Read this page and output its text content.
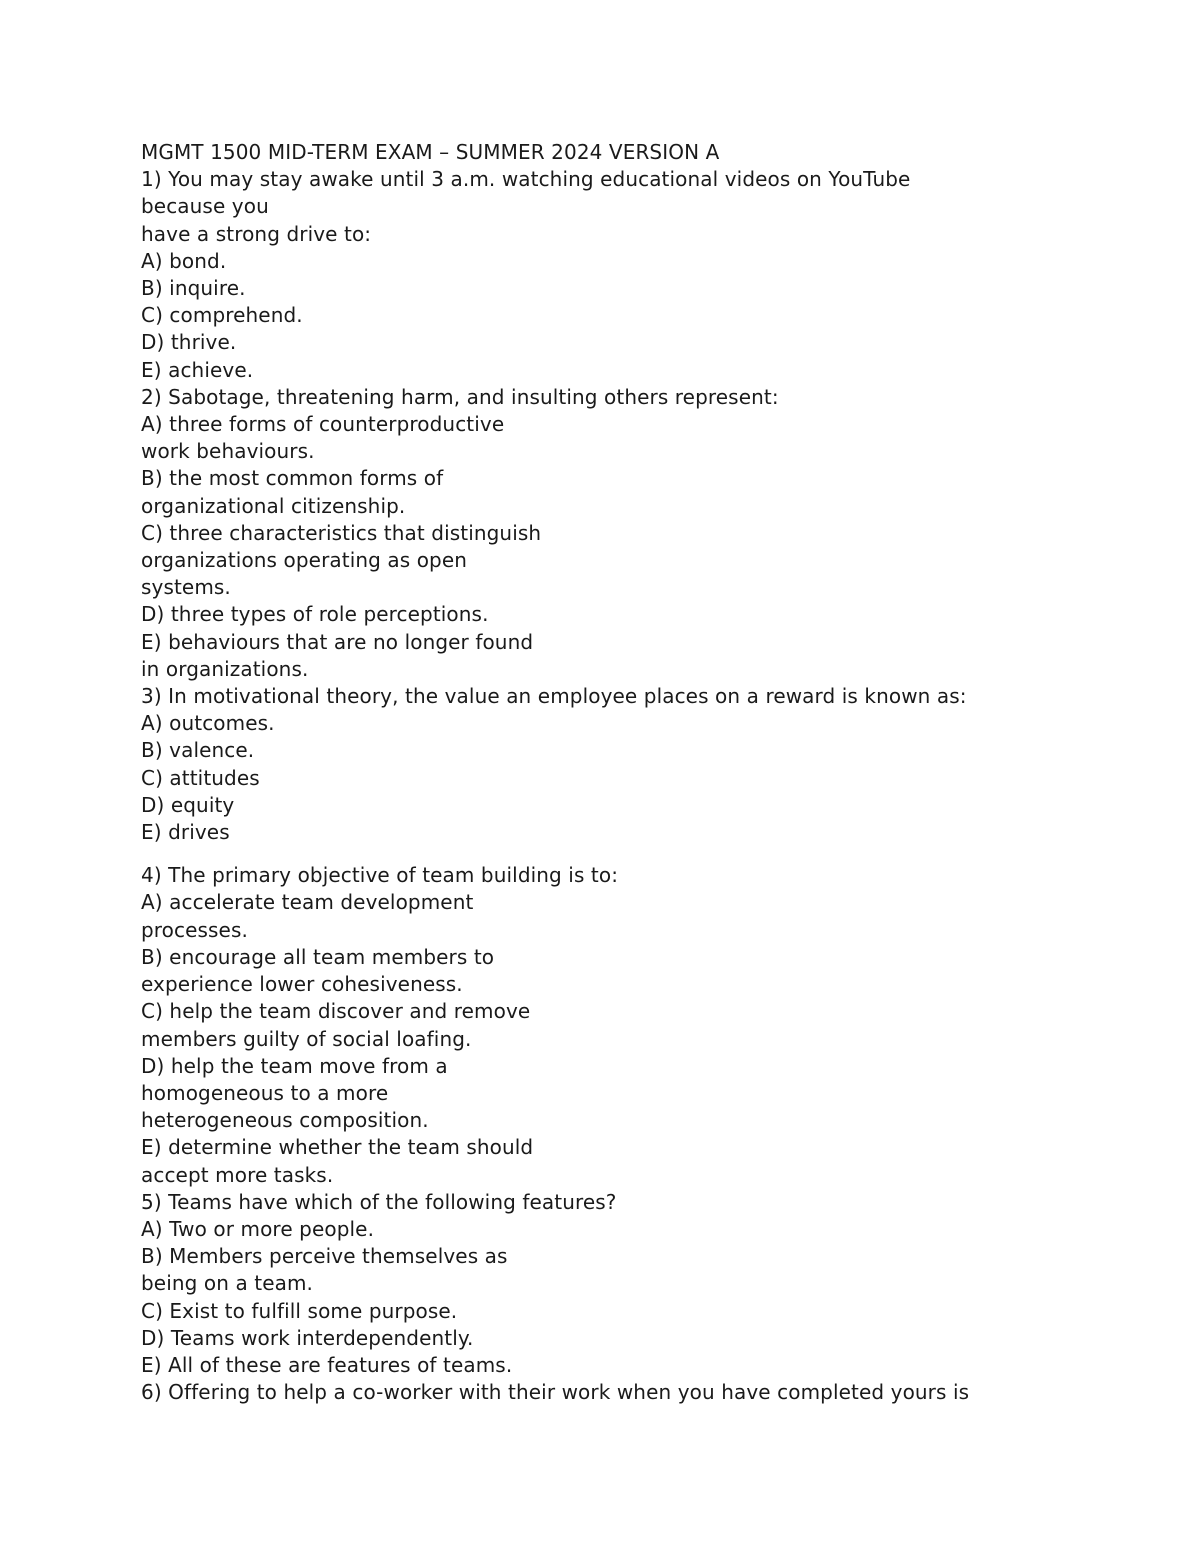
MGMT 1500 MID-TERM EXAM – SUMMER 2024 VERSION A
1) You may stay awake until 3 a.m. watching educational videos on YouTube
because you
have a strong drive to:
A) bond.
B) inquire.
C) comprehend.
D) thrive.
E) achieve.
2) Sabotage, threatening harm, and insulting others represent:
A) three forms of counterproductive
work behaviours.
B) the most common forms of
organizational citizenship.
C) three characteristics that distinguish
organizations operating as open
systems.
D) three types of role perceptions.
E) behaviours that are no longer found
in organizations.
3) In motivational theory, the value an employee places on a reward is known as:
A) outcomes.
B) valence.
C) attitudes
D) equity
E) drives
4) The primary objective of team building is to:
A) accelerate team development
processes.
B) encourage all team members to
experience lower cohesiveness.
C) help the team discover and remove
members guilty of social loafing.
D) help the team move from a
homogeneous to a more
heterogeneous composition.
E) determine whether the team should
accept more tasks.
5) Teams have which of the following features?
A) Two or more people.
B) Members perceive themselves as
being on a team.
C) Exist to fulfill some purpose.
D) Teams work interdependently.
E) All of these are features of teams.
6) Offering to help a co-worker with their work when you have completed yours is
